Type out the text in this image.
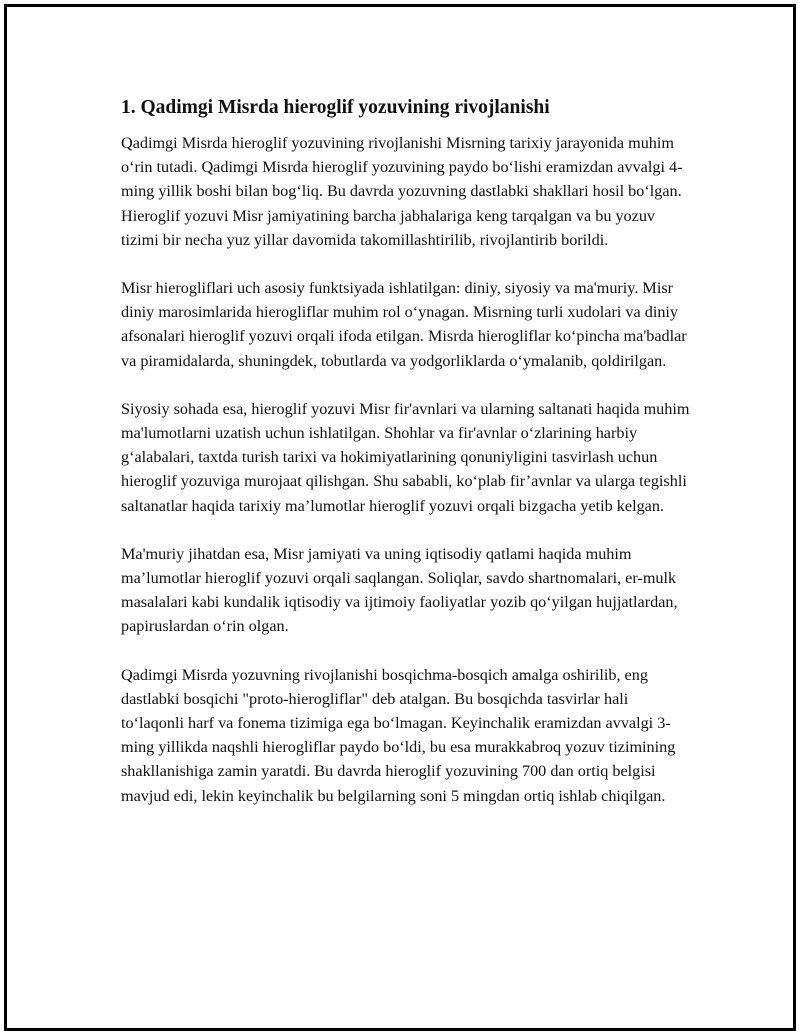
1. Qadimgi Misrda hieroglif yozuvining rivojlanishi

Qadimgi Misrda hieroglif yozuvining rivojlanishi Misrning tarixiy jarayonida muhim o‘rin tutadi. Qadimgi Misrda hieroglif yozuvining paydo bo‘lishi eramizdan avvalgi 4-ming yillik boshi bilan bog‘liq. Bu davrda yozuvning dastlabki shakllari hosil bo‘lgan. Hieroglif yozuvi Misr jamiyatining barcha jabhalariga keng tarqalgan va bu yozuv tizimi bir necha yuz yillar davomida takomillashtirilib, rivojlantirib borildi.

Misr hierogliflari uch asosiy funktsiyada ishlatilgan: diniy, siyosiy va ma'muriy. Misr diniy marosimlarida hierogliflar muhim rol o‘ynagan. Misrning turli xudolari va diniy afsonalari hieroglif yozuvi orqali ifoda etilgan. Misrda hierogliflar ko‘pincha ma'badlar va piramidalarda, shuningdek, tobutlarda va yodgorliklarda o‘ymalanib, qoldirilgan.

Siyosiy sohada esa, hieroglif yozuvi Misr fir'avnlari va ularning saltanati haqida muhim ma'lumotlarni uzatish uchun ishlatilgan. Shohlar va fir'avnlar o‘zlarining harbiy g‘alabalari, taxtda turish tarixi va hokimiyatlarining qonuniyligini tasvirlash uchun hieroglif yozuviga murojaat qilishgan. Shu sababli, ko‘plab fir’avnlar va ularga tegishli saltanatlar haqida tarixiy ma’lumotlar hieroglif yozuvi orqali bizgacha yetib kelgan.

Ma'muriy jihatdan esa, Misr jamiyati va uning iqtisodiy qatlami haqida muhim ma’lumotlar hieroglif yozuvi orqali saqlangan. Soliqlar, savdo shartnomalari, er-mulk masalalari kabi kundalik iqtisodiy va ijtimoiy faoliyatlar yozib qo‘yilgan hujjatlardan, papiruslardan o‘rin olgan.

Qadimgi Misrda yozuvning rivojlanishi bosqichma-bosqich amalga oshirilib, eng dastlabki bosqichi "proto-hierogliflar" deb atalgan. Bu bosqichda tasvirlar hali to‘laqonli harf va fonema tizimiga ega bo‘lmagan. Keyinchalik eramizdan avvalgi 3-ming yillikda naqshli hierogliflar paydo bo‘ldi, bu esa murakkabroq yozuv tizimining shakllanishiga zamin yaratdi. Bu davrda hieroglif yozuvining 700 dan ortiq belgisi mavjud edi, lekin keyinchalik bu belgilarning soni 5 mingdan ortiq ishlab chiqilgan.
